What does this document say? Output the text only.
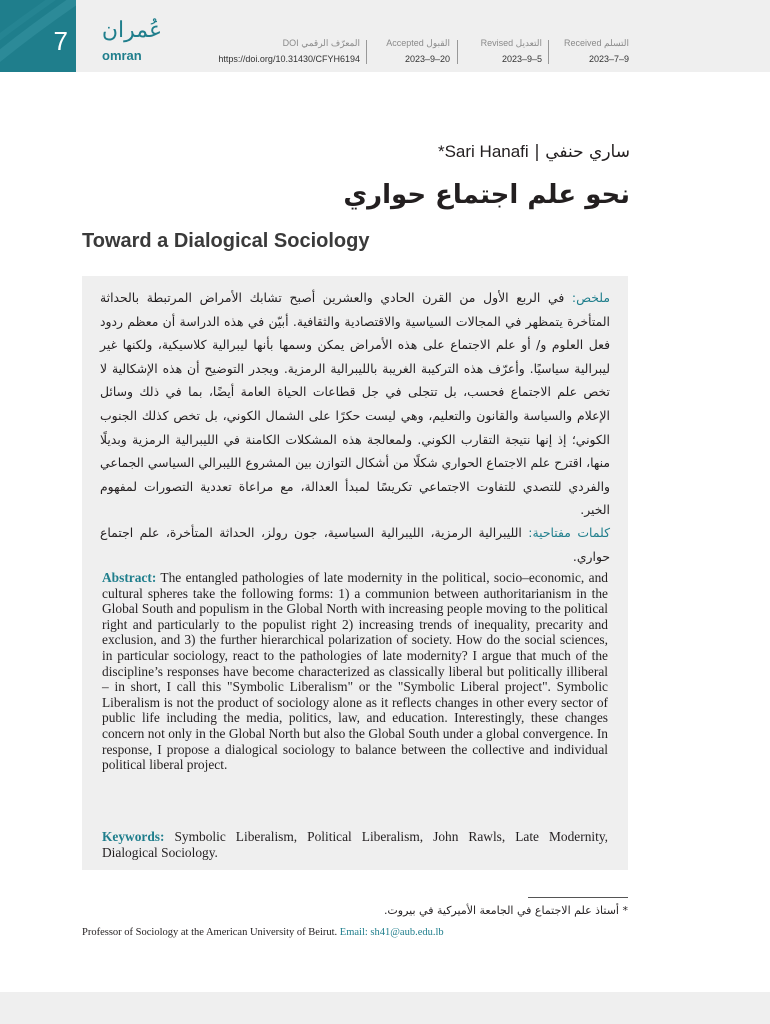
7	عُمران
omran
DOI المعرّف الرقمي
https://doi.org/10.31430/CFYH6194
Accepted القبول
2023–9–20
Revised التعديل
2023–9–5
Received التسلم
2023–7–9
*Sari Hanafi | ساري حنفي
نحو علم اجتماع حواري
Toward a Dialogical Sociology
ملخص: في الربع الأول من القرن الحادي والعشرين أصبح تشابك الأمراض المرتبطة بالحداثة المتأخرة يتمظهر في المجالات السياسية والاقتصادية والثقافية. أبيّن في هذه الدراسة أن معظم ردود فعل العلوم و/ أو علم الاجتماع على هذه الأمراض يمكن وسمها بأنها ليبرالية كلاسيكية، ولكنها غير ليبرالية سياسيًا. وأعرّف هذه التركيبة الغريبة بالليبرالية الرمزية. ويجدر التوضيح أن هذه الإشكالية لا تخص علم الاجتماع فحسب، بل تتجلى في جل قطاعات الحياة العامة أيضًا، بما في ذلك وسائل الإعلام والسياسة والقانون والتعليم، وهي ليست حكرًا على الشمال الكوني، بل تخص كذلك الجنوب الكوني؛ إذ إنها نتيجة التقارب الكوني. ولمعالجة هذه المشكلات الكامنة في الليبرالية الرمزية وبديلًا منها، اقترح علم الاجتماع الحواري شكلًا من أشكال التوازن بين المشروع الليبرالي السياسي الجماعي والفردي للتصدي للتفاوت الاجتماعي تكريسًا لمبدأ العدالة، مع مراعاة تعددية التصورات لمفهوم الخير.
كلمات مفتاحية: الليبرالية الرمزية، الليبرالية السياسية، جون رولز، الحداثة المتأخرة، علم اجتماع حواري.
Abstract: The entangled pathologies of late modernity in the political, socio–economic, and cultural spheres take the following forms: 1) a communion between authoritarianism in the Global South and populism in the Global North with increasing people moving to the political right and particularly to the populist right 2) increasing trends of inequality, precarity and exclusion, and 3) the further hierarchical polarization of society. How do the social sciences, in particular sociology, react to the pathologies of late modernity? I argue that much of the discipline’s responses have become characterized as classically liberal but politically illiberal – in short, I call this "Symbolic Liberalism" or the "Symbolic Liberal project". Symbolic Liberalism is not the product of sociology alone as it reflects changes in other every sector of public life including the media, politics, law, and education. Interestingly, these changes concern not only in the Global North but also the Global South under a global convergence. In response, I propose a dialogical sociology to balance between the collective and individual political liberal project.
Keywords: Symbolic Liberalism, Political Liberalism, John Rawls, Late Modernity, Dialogical Sociology.
* أستاذ علم الاجتماع في الجامعة الأميركية في بيروت.
Professor of Sociology at the American University of Beirut. Email: sh41@aub.edu.lb
